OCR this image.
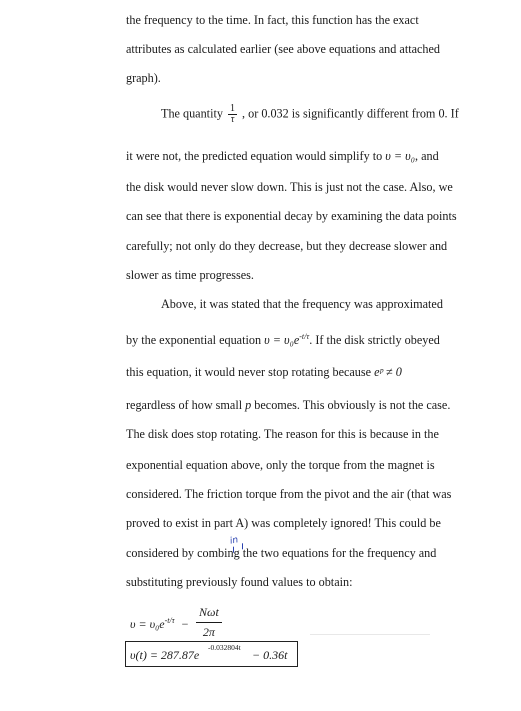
the frequency to the time. In fact, this function has the exact
attributes as calculated earlier (see above equations and attached
graph).
The quantity $\frac{1}{\tau}$ , or 0.032 is significantly different from 0. If
it were not, the predicted equation would simplify to υ = υ₀, and
the disk would never slow down. This is just not the case. Also, we
can see that there is exponential decay by examining the data points
carefully; not only do they decrease, but they decrease slower and
slower as time progresses.
Above, it was stated that the frequency was approximated
by the exponential equation $\upsilon = \upsilon_0e^{-t/\tau}$. If the disk strictly obeyed
this equation, it would never stop rotating because eᵖ ≠ 0
regardless of how small p becomes. This obviously is not the case.
The disk does stop rotating. The reason for this is because in the
exponential equation above, only the torque from the magnet is
considered. The friction torque from the pivot and the air (that was
proved to exist in part A) was completely ignored! This could be
considered by combing the two equations for the frequency and
substituting previously found values to obtain:
in
$\upsilon = \upsilon_0e^{-t/\tau}$ −
Nωt
2π
υ(t) = 287.87e
-0.032804t
− 0.36t
